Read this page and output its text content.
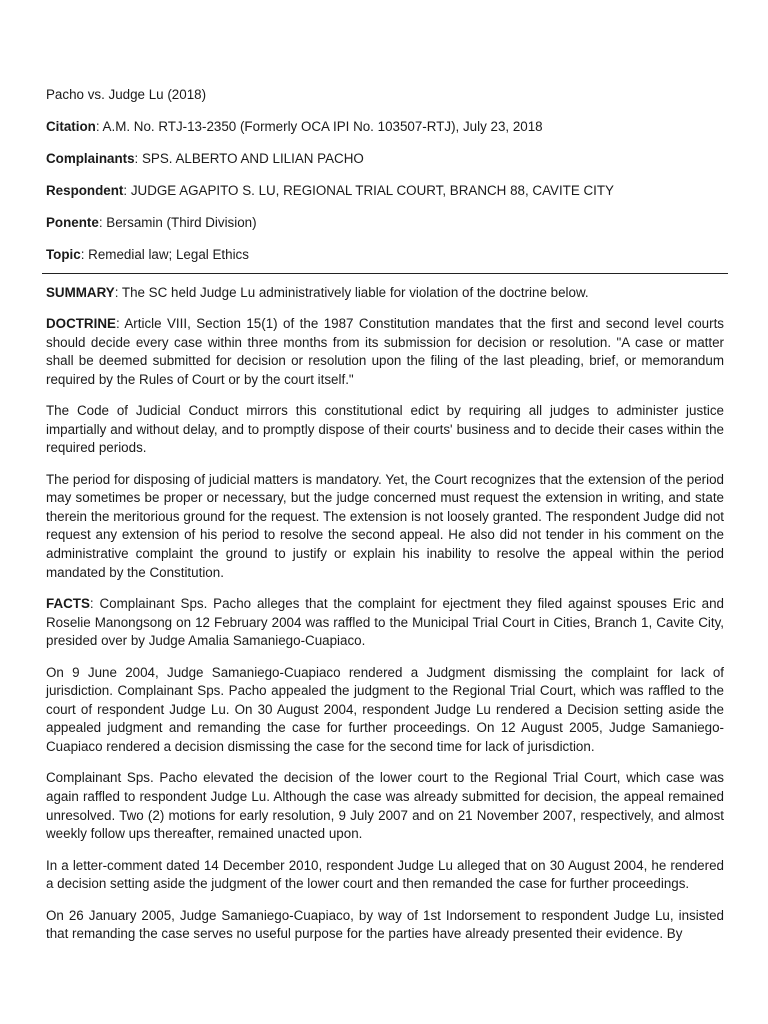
Pacho vs. Judge Lu (2018)

Citation: A.M. No. RTJ-13-2350 (Formerly OCA IPI No. 103507-RTJ), July 23, 2018

Complainants: SPS. ALBERTO AND LILIAN PACHO

Respondent: JUDGE AGAPITO S. LU, REGIONAL TRIAL COURT, BRANCH 88, CAVITE CITY

Ponente: Bersamin (Third Division)

Topic: Remedial law; Legal Ethics

SUMMARY: The SC held Judge Lu administratively liable for violation of the doctrine below.

DOCTRINE: Article VIII, Section 15(1) of the 1987 Constitution mandates that the first and second level courts should decide every case within three months from its submission for decision or resolution. "A case or matter shall be deemed submitted for decision or resolution upon the filing of the last pleading, brief, or memorandum required by the Rules of Court or by the court itself."

The Code of Judicial Conduct mirrors this constitutional edict by requiring all judges to administer justice impartially and without delay, and to promptly dispose of their courts' business and to decide their cases within the required periods.

The period for disposing of judicial matters is mandatory. Yet, the Court recognizes that the extension of the period may sometimes be proper or necessary, but the judge concerned must request the extension in writing, and state therein the meritorious ground for the request. The extension is not loosely granted. The respondent Judge did not request any extension of his period to resolve the second appeal. He also did not tender in his comment on the administrative complaint the ground to justify or explain his inability to resolve the appeal within the period mandated by the Constitution.

FACTS: Complainant Sps. Pacho alleges that the complaint for ejectment they filed against spouses Eric and Roselie Manongsong on 12 February 2004 was raffled to the Municipal Trial Court in Cities, Branch 1, Cavite City, presided over by Judge Amalia Samaniego-Cuapiaco.

On 9 June 2004, Judge Samaniego-Cuapiaco rendered a Judgment dismissing the complaint for lack of jurisdiction. Complainant Sps. Pacho appealed the judgment to the Regional Trial Court, which was raffled to the court of respondent Judge Lu. On 30 August 2004, respondent Judge Lu rendered a Decision setting aside the appealed judgment and remanding the case for further proceedings. On 12 August 2005, Judge Samaniego-Cuapiaco rendered a decision dismissing the case for the second time for lack of jurisdiction.

Complainant Sps. Pacho elevated the decision of the lower court to the Regional Trial Court, which case was again raffled to respondent Judge Lu. Although the case was already submitted for decision, the appeal remained unresolved. Two (2) motions for early resolution, 9 July 2007 and on 21 November 2007, respectively, and almost weekly follow ups thereafter, remained unacted upon.

In a letter-comment dated 14 December 2010, respondent Judge Lu alleged that on 30 August 2004, he rendered a decision setting aside the judgment of the lower court and then remanded the case for further proceedings.

On 26 January 2005, Judge Samaniego-Cuapiaco, by way of 1st Indorsement to respondent Judge Lu, insisted that remanding the case serves no useful purpose for the parties have already presented their evidence. By
